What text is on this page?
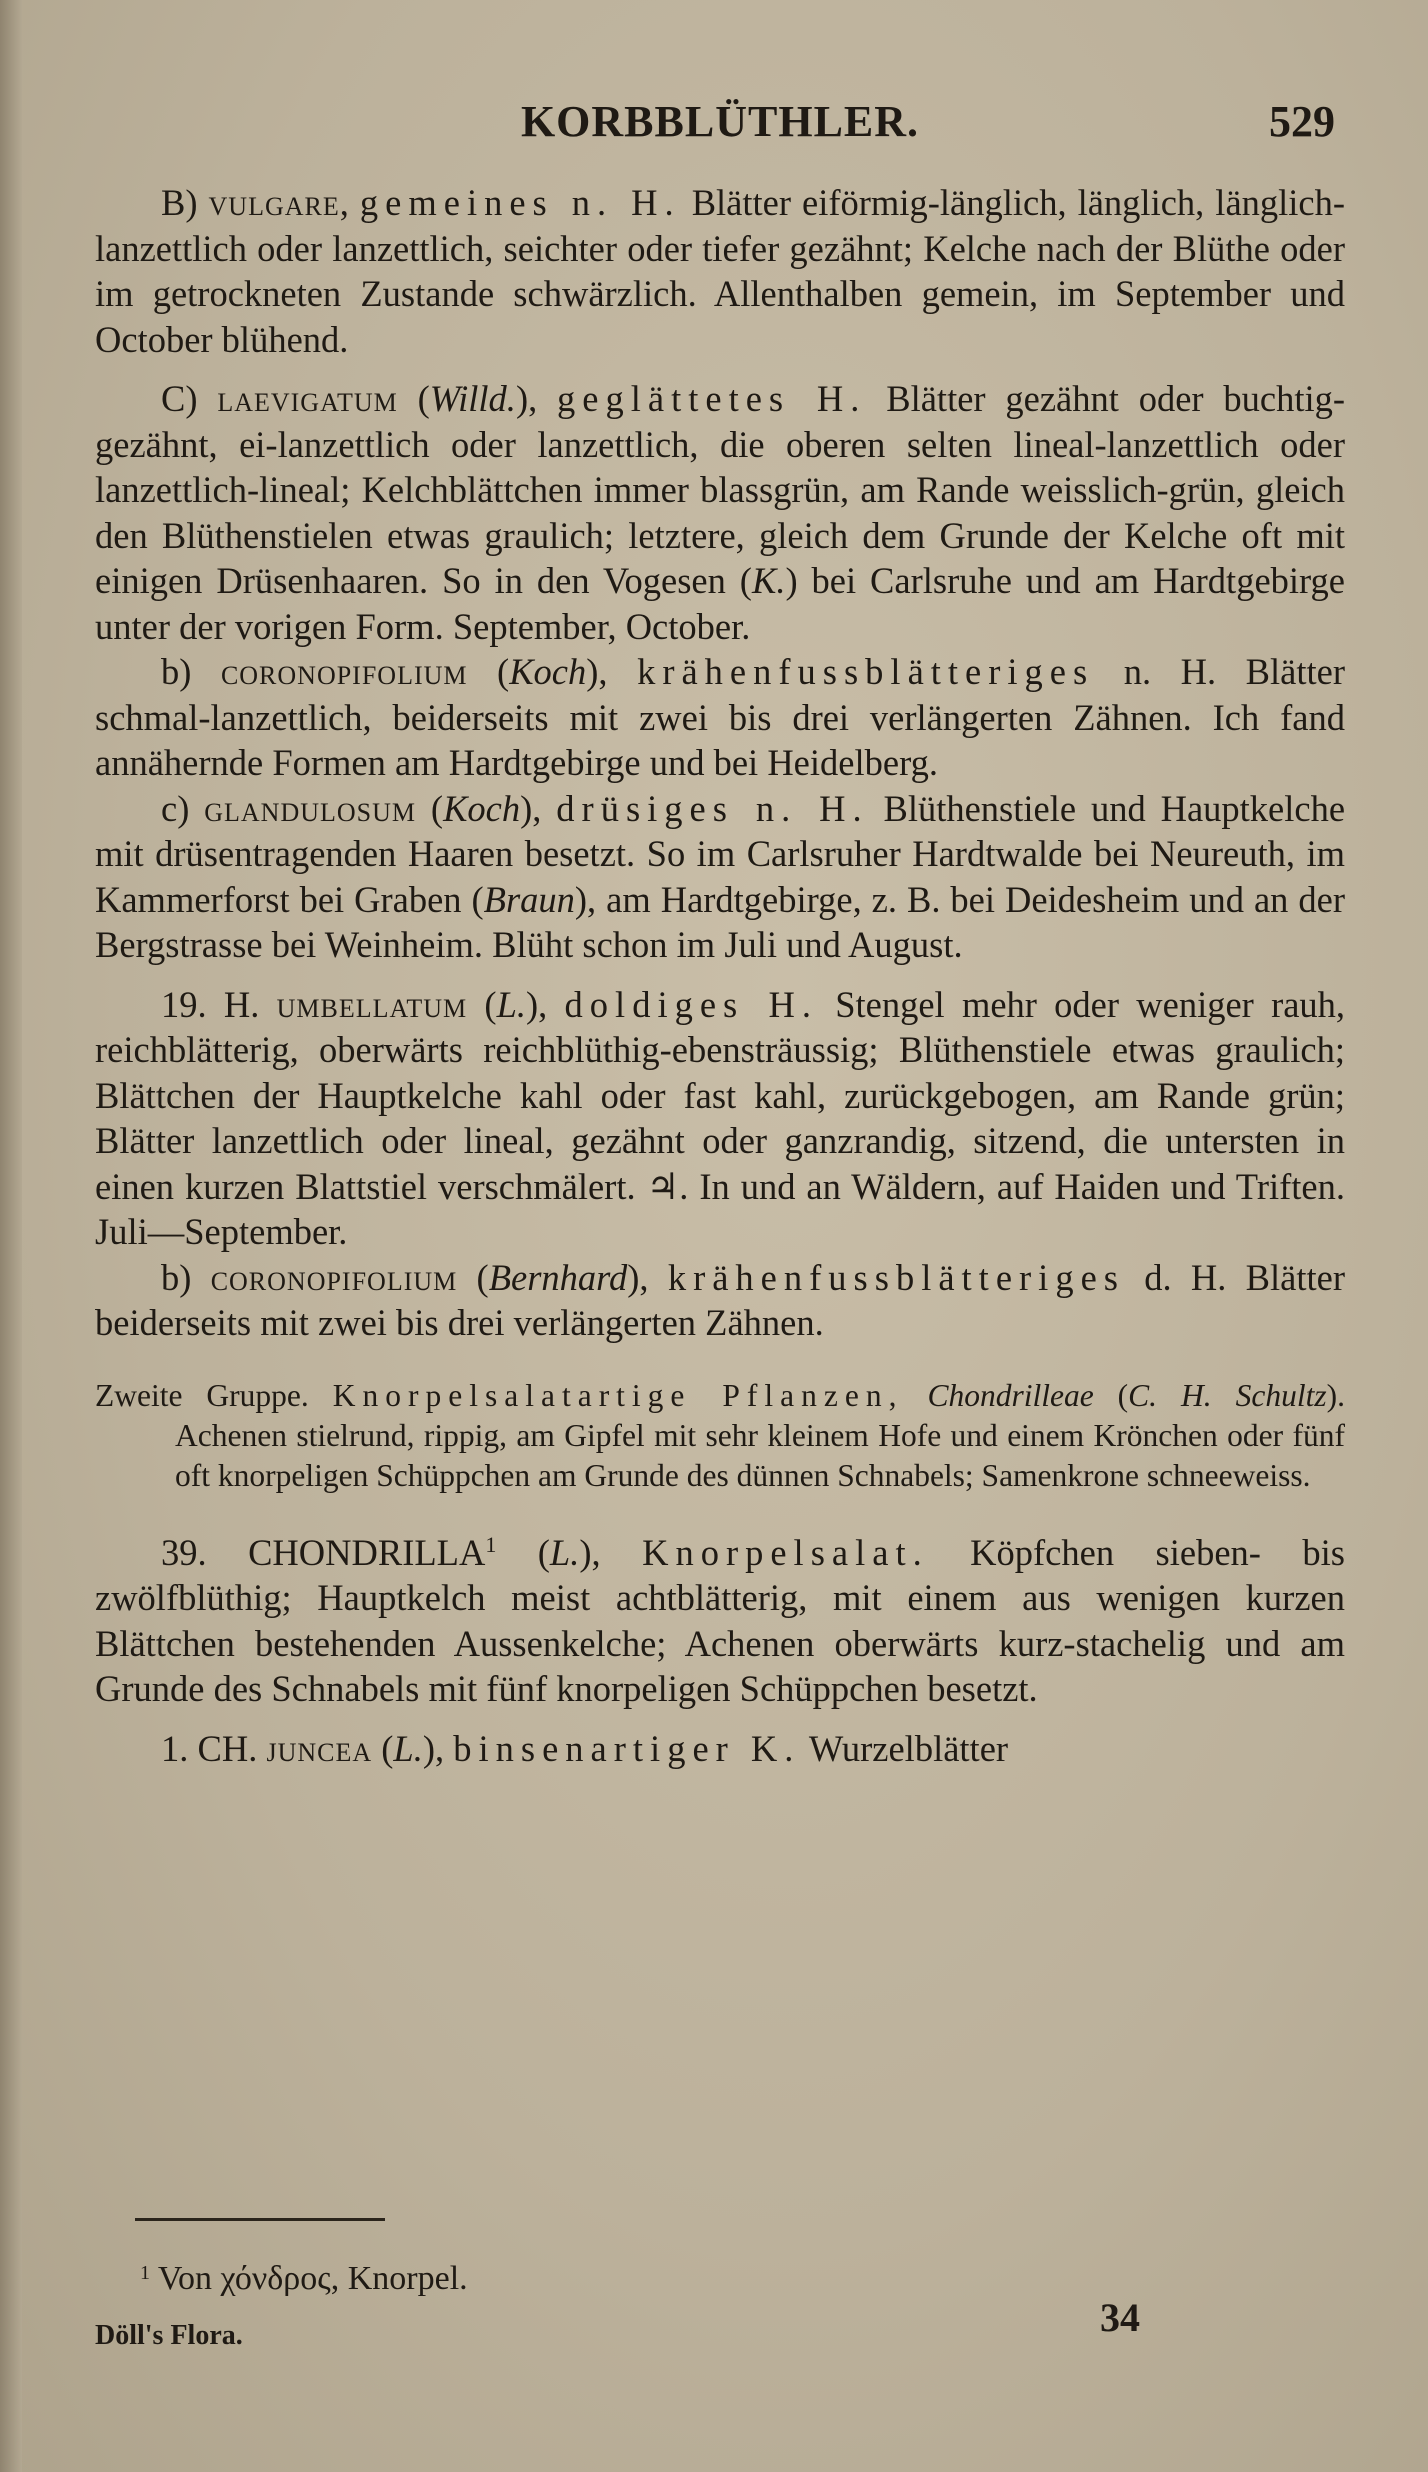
KORBBLÜTHLER.	529

B) vulgare, gemeines n. H. Blätter eiförmig-länglich, länglich, länglich-lanzettlich oder lanzettlich, seichter oder tiefer gezähnt; Kelche nach der Blüthe oder im getrockneten Zustande schwärzlich. Allenthalben gemein, im September und October blühend.

C) laevigatum (Willd.), geglättetes H. Blätter gezähnt oder buchtig-gezähnt, ei-lanzettlich oder lanzettlich, die oberen selten lineal-lanzettlich oder lanzettlich-lineal; Kelchblättchen immer blassgrün, am Rande weisslich-grün, gleich den Blüthenstielen etwas graulich; letztere, gleich dem Grunde der Kelche oft mit einigen Drüsenhaaren. So in den Vogesen (K.) bei Carlsruhe und am Hardtgebirge unter der vorigen Form. September, October.

b) coronopifolium (Koch), krähenfussblätteriges n. H. Blätter schmal-lanzettlich, beiderseits mit zwei bis drei verlängerten Zähnen. Ich fand annähernde Formen am Hardtgebirge und bei Heidelberg.

c) glandulosum (Koch), drüsiges n. H. Blüthenstiele und Hauptkelche mit drüsentragenden Haaren besetzt. So im Carlsruher Hardtwalde bei Neureuth, im Kammerforst bei Graben (Braun), am Hardtgebirge, z. B. bei Deidesheim und an der Bergstrasse bei Weinheim. Blüht schon im Juli und August.

19. H. umbellatum (L.), doldiges H. Stengel mehr oder weniger rauh, reichblätterig, oberwärts reichblüthig-ebensträussig; Blüthenstiele etwas graulich; Blättchen der Hauptkelche kahl oder fast kahl, zurückgebogen, am Rande grün; Blätter lanzettlich oder lineal, gezähnt oder ganzrandig, sitzend, die untersten in einen kurzen Blattstiel verschmälert. ♃. In und an Wäldern, auf Haiden und Triften. Juli—September.

b) coronopifolium (Bernhard), krähenfussblätteriges d. H. Blätter beiderseits mit zwei bis drei verlängerten Zähnen.

Zweite Gruppe. Knorpelsalatartige Pflanzen, Chondrilleae (C. H. Schultz). Achenen stielrund, rippig, am Gipfel mit sehr kleinem Hofe und einem Krönchen oder fünf oft knorpeligen Schüppchen am Grunde des dünnen Schnabels; Samenkrone schneeweiss.

39. CHONDRILLA$^1$ (L.), Knorpelsalat. Köpfchen sieben- bis zwölfblüthig; Hauptkelch meist achtblätterig, mit einem aus wenigen kurzen Blättchen bestehenden Aussenkelche; Achenen oberwärts kurz-stachelig und am Grunde des Schnabels mit fünf knorpeligen Schüppchen besetzt.

1. CH. juncea (L.), binsenartiger K. Wurzelblätter

$^1$ Von χόνδρος, Knorpel.
Döll's Flora.	34
